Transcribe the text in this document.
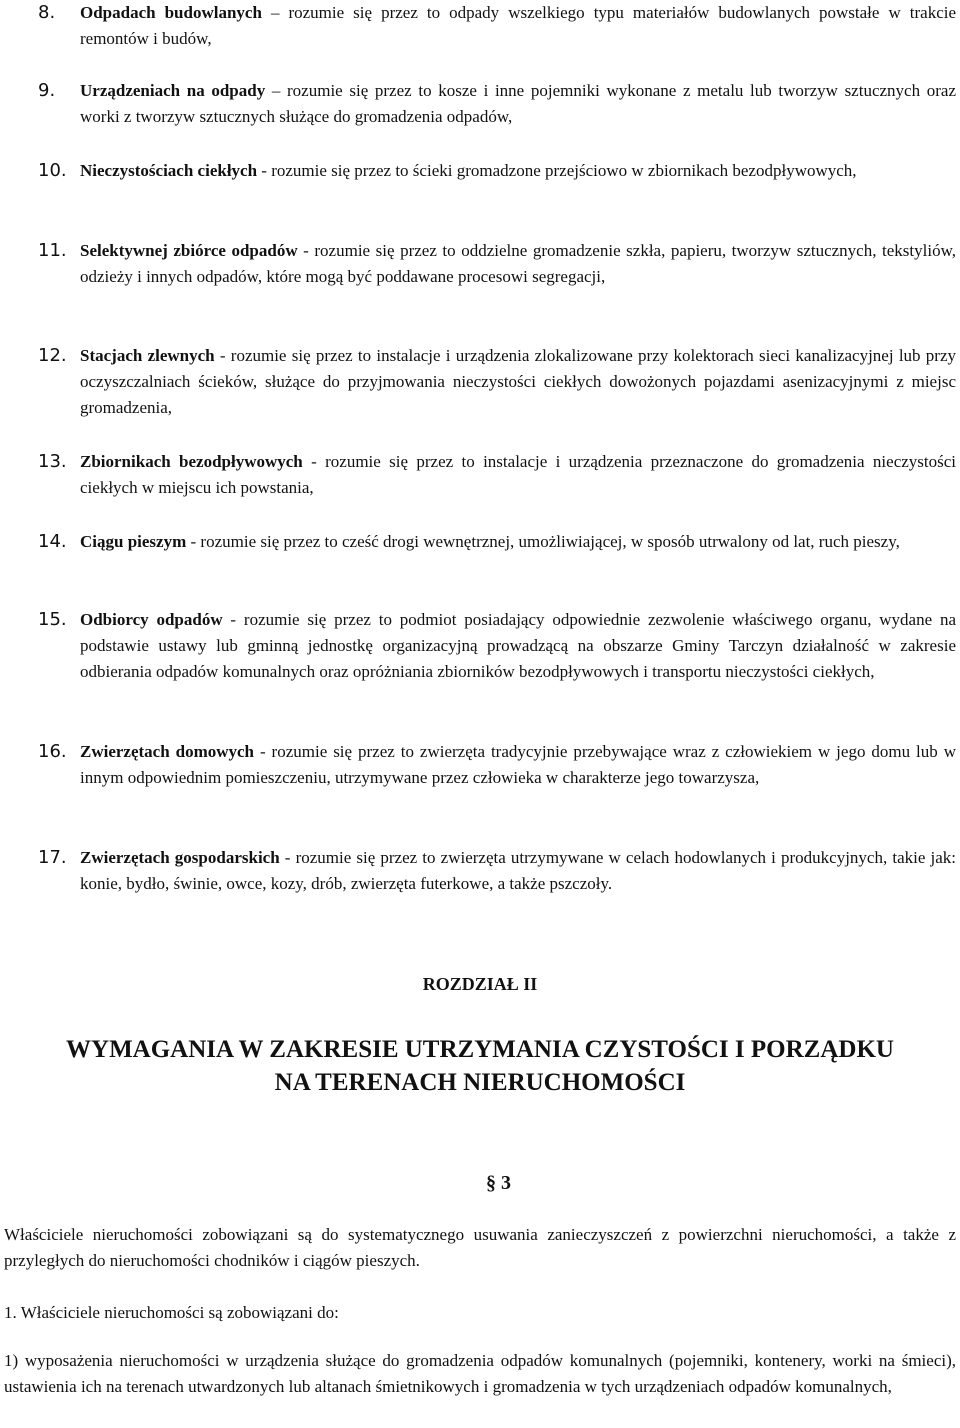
8. Odpadach budowlanych – rozumie się przez to odpady wszelkiego typu materiałów budowlanych powstałe w trakcie remontów i budów,
9. Urządzeniach na odpady – rozumie się przez to kosze i inne pojemniki wykonane z metalu lub tworzyw sztucznych oraz worki z tworzyw sztucznych służące do gromadzenia odpadów,
10. Nieczystościach ciekłych - rozumie się przez to ścieki gromadzone przejściowo w zbiornikach bezodpływowych,
11. Selektywnej zbiórce odpadów - rozumie się przez to oddzielne gromadzenie szkła, papieru, tworzyw sztucznych, tekstyliów, odzieży i innych odpadów, które mogą być poddawane procesowi segregacji,
12. Stacjach zlewnych - rozumie się przez to instalacje i urządzenia zlokalizowane przy kolektorach sieci kanalizacyjnej lub przy oczyszczalniach ścieków, służące do przyjmowania nieczystości ciekłych dowożonych pojazdami asenizacyjnymi z miejsc gromadzenia,
13. Zbiornikach bezodpływowych - rozumie się przez to instalacje i urządzenia przeznaczone do gromadzenia nieczystości ciekłych w miejscu ich powstania,
14. Ciągu pieszym - rozumie się przez to cześć drogi wewnętrznej, umożliwiającej, w sposób utrwalony od lat, ruch pieszy,
15. Odbiorcy odpadów - rozumie się przez to podmiot posiadający odpowiednie zezwolenie właściwego organu, wydane na podstawie ustawy lub gminną jednostkę organizacyjną prowadzącą na obszarze Gminy Tarczyn działalność w zakresie odbierania odpadów komunalnych oraz opróżniania zbiorników bezodpływowych i transportu nieczystości ciekłych,
16. Zwierzętach domowych - rozumie się przez to zwierzęta tradycyjnie przebywające wraz z człowiekiem w jego domu lub w innym odpowiednim pomieszczeniu, utrzymywane przez człowieka w charakterze jego towarzysza,
17. Zwierzętach gospodarskich - rozumie się przez to zwierzęta utrzymywane w celach hodowlanych i produkcyjnych, takie jak: konie, bydło, świnie, owce, kozy, drób, zwierzęta futerkowe, a także pszczoły.
ROZDZIAŁ II
WYMAGANIA W ZAKRESIE UTRZYMANIA CZYSTOŚCI I PORZĄDKU
NA TERENACH NIERUCHOMOŚCI
§ 3
Właściciele nieruchomości zobowiązani są do systematycznego usuwania zanieczyszczeń z powierzchni nieruchomości, a także z przyległych do nieruchomości chodników i ciągów pieszych.
1. Właściciele nieruchomości są zobowiązani do:
1) wyposażenia nieruchomości w urządzenia służące do gromadzenia odpadów komunalnych (pojemniki, kontenery, worki na śmieci), ustawienia ich na terenach utwardzonych lub altanach śmietnikowych i gromadzenia w tych urządzeniach odpadów komunalnych,
